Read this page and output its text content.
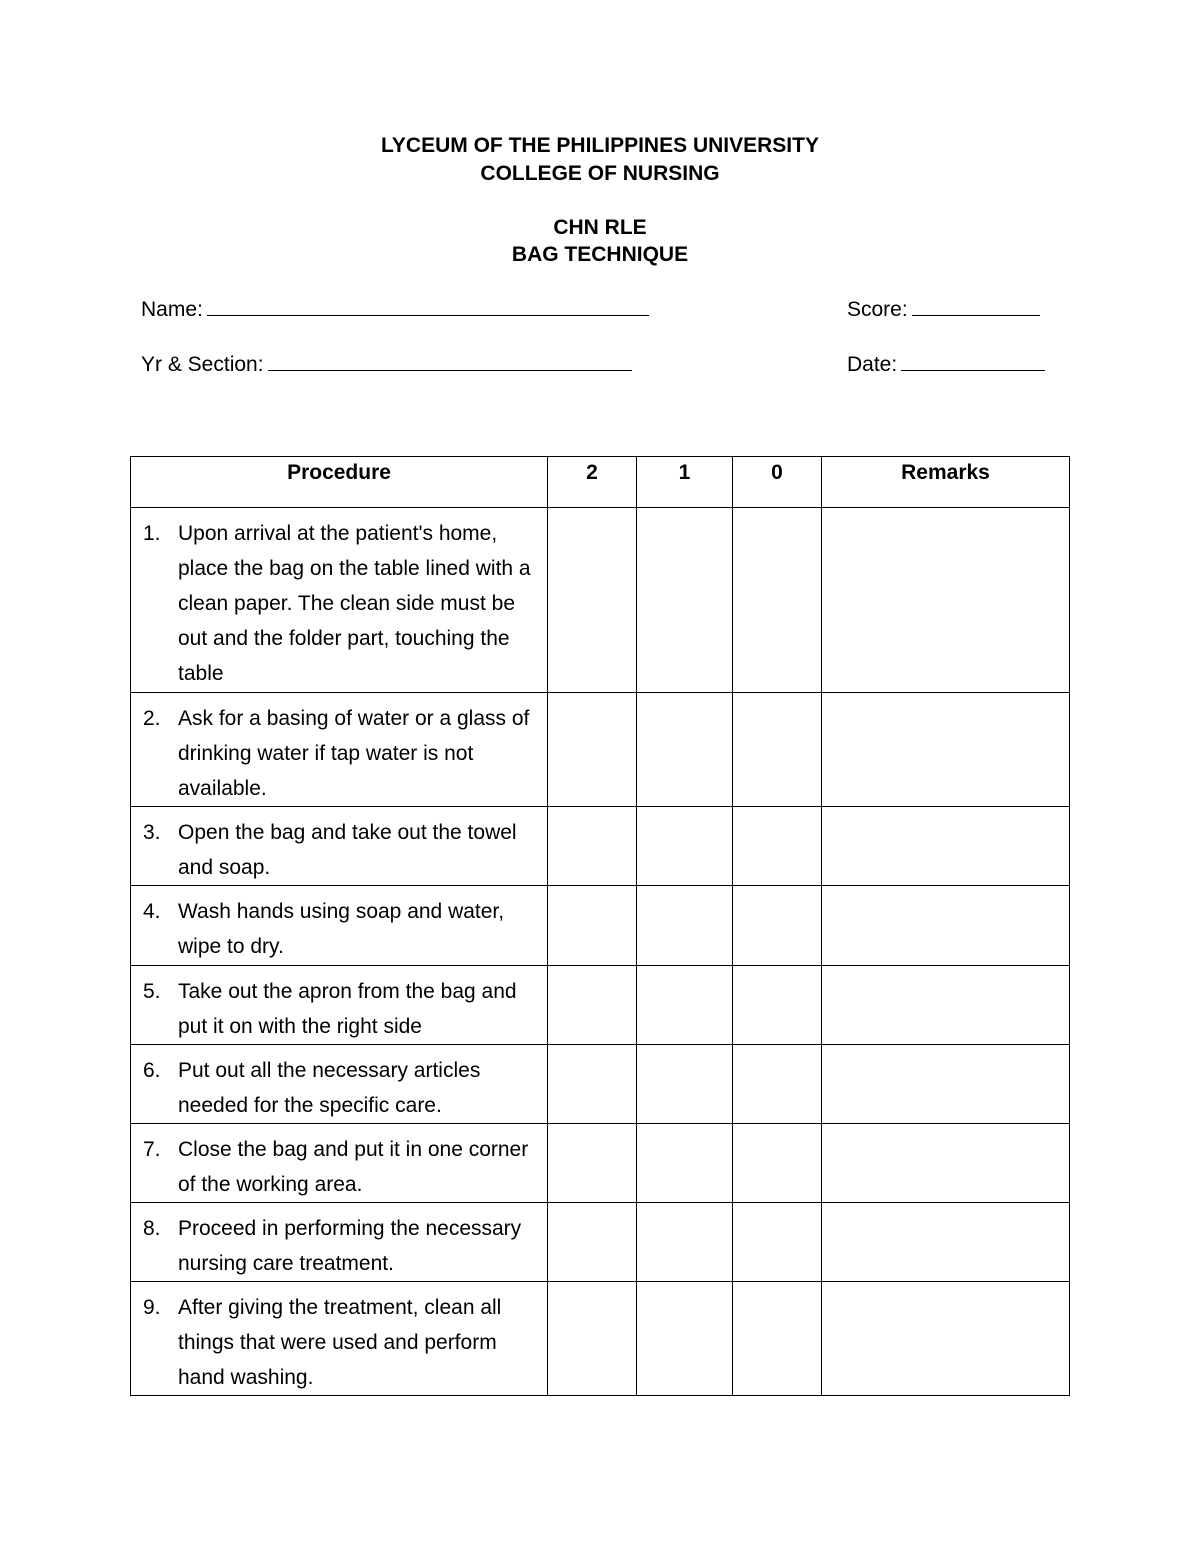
LYCEUM OF THE PHILIPPINES UNIVERSITY
COLLEGE OF NURSING
CHN RLE
BAG TECHNIQUE
Name:	Score:
Yr & Section:	Date:
Procedure	2	1	0	Remarks

1. Upon arrival at the patient's home, place the bag on the table lined with a clean paper. The clean side must be out and the folder part, touching the table				

2. Ask for a basing of water or a glass of drinking water if tap water is not available.				

3. Open the bag and take out the towel and soap.				

4. Wash hands using soap and water, wipe to dry.				

5. Take out the apron from the bag and put it on with the right side				

6. Put out all the necessary articles needed for the specific care.				

7. Close the bag and put it in one corner of the working area.				

8. Proceed in performing the necessary nursing care treatment.				

9. After giving the treatment, clean all things that were used and perform hand washing.				
